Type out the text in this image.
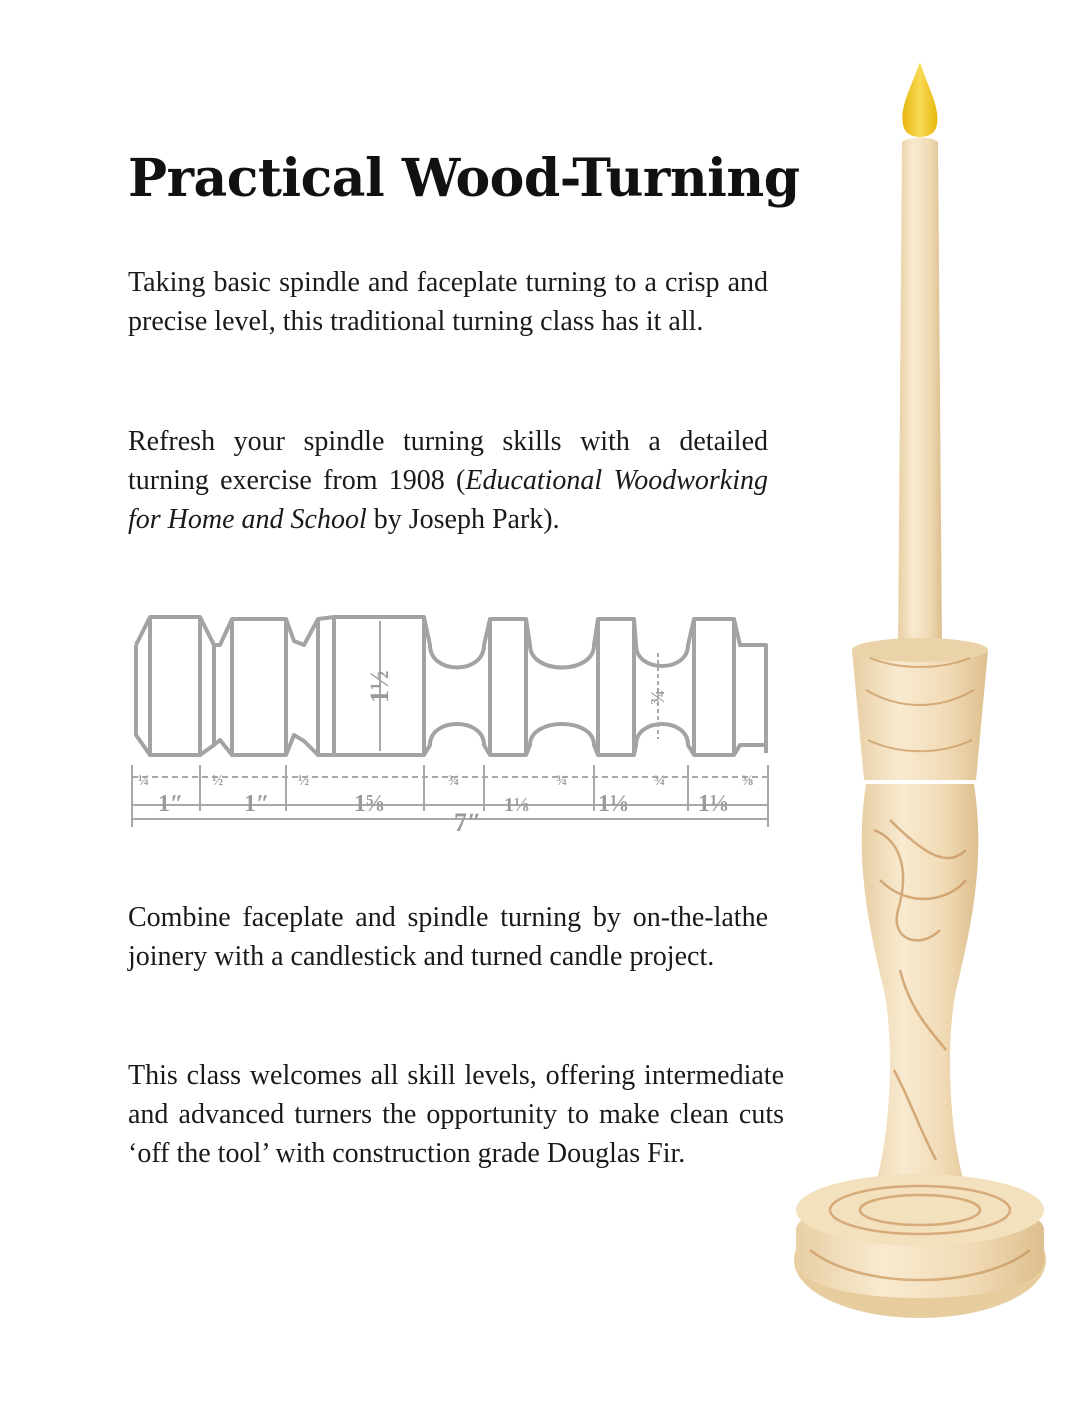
Practical Wood-Turning

Taking basic spindle and faceplate turning to a crisp and precise level, this traditional turning class has it all.

Refresh your spindle turning skills with a detailed turning exercise from 1908 (Educational Woodworking for Home and School by Joseph Park).

1½	¾
¼	½	½	¾	¾	¾	⅜
1ʺ	1ʺ	1⅝	1⅛	1⅛	1⅛
7ʺ

Combine faceplate and spindle turning by on-the-lathe joinery with a candlestick and turned candle project.

This class welcomes all skill levels, offering intermediate and advanced turners the opportunity to make clean cuts ‘off the tool’ with construction grade Douglas Fir.
